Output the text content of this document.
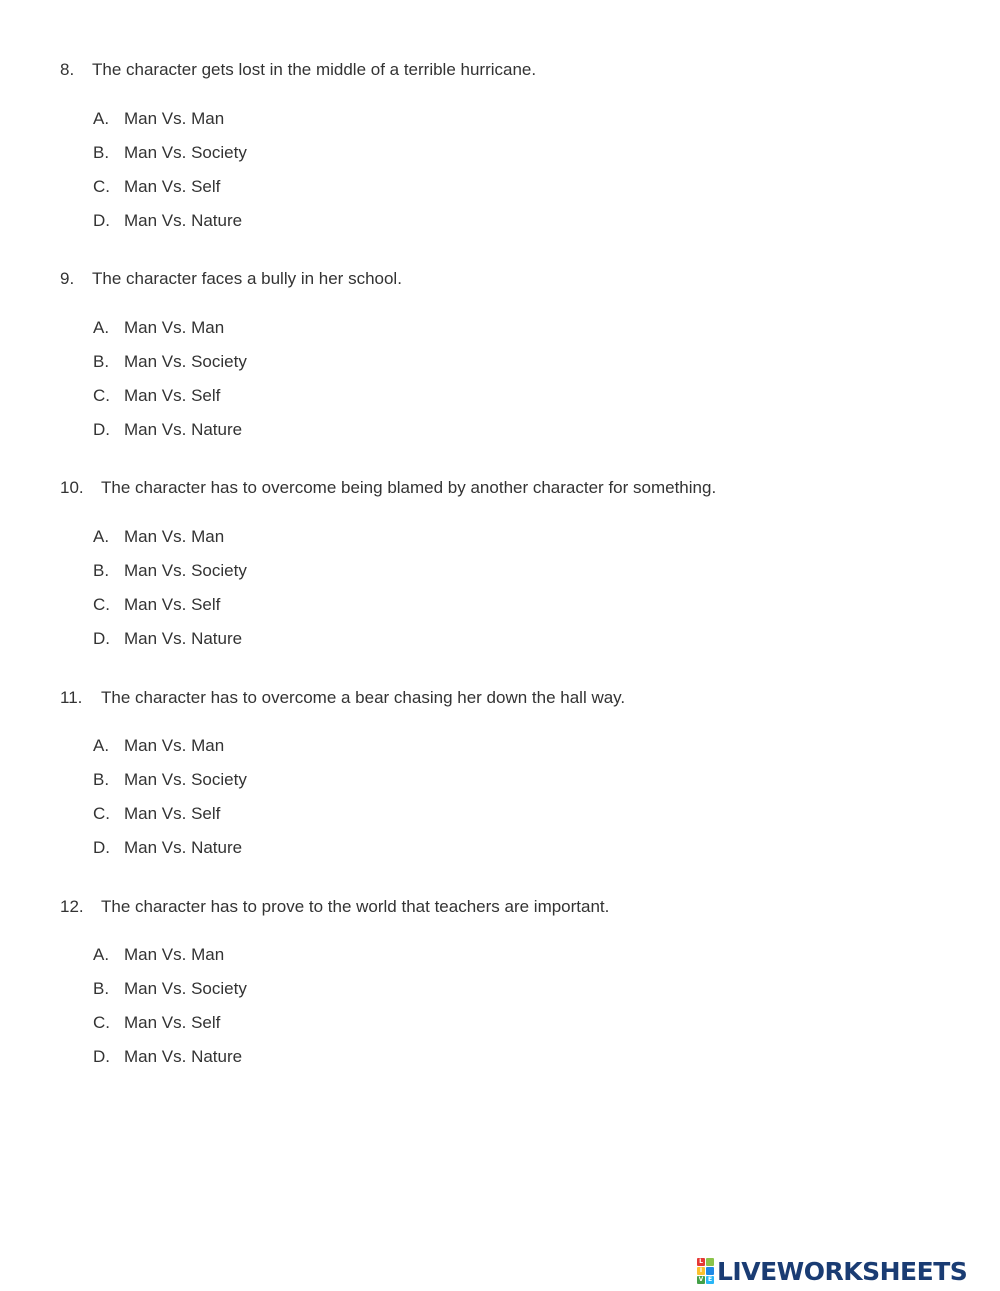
8. The character gets lost in the middle of a terrible hurricane.
A. Man Vs. Man
B. Man Vs. Society
C. Man Vs. Self
D. Man Vs. Nature
9. The character faces a bully in her school.
A. Man Vs. Man
B. Man Vs. Society
C. Man Vs. Self
D. Man Vs. Nature
10. The character has to overcome being blamed by another character for something.
A. Man Vs. Man
B. Man Vs. Society
C. Man Vs. Self
D. Man Vs. Nature
11. The character has to overcome a bear chasing her down the hall way.
A. Man Vs. Man
B. Man Vs. Society
C. Man Vs. Self
D. Man Vs. Nature
12. The character has to prove to the world that teachers are important.
A. Man Vs. Man
B. Man Vs. Society
C. Man Vs. Self
D. Man Vs. Nature
L
I
V E LIVEWORKSHEETS
